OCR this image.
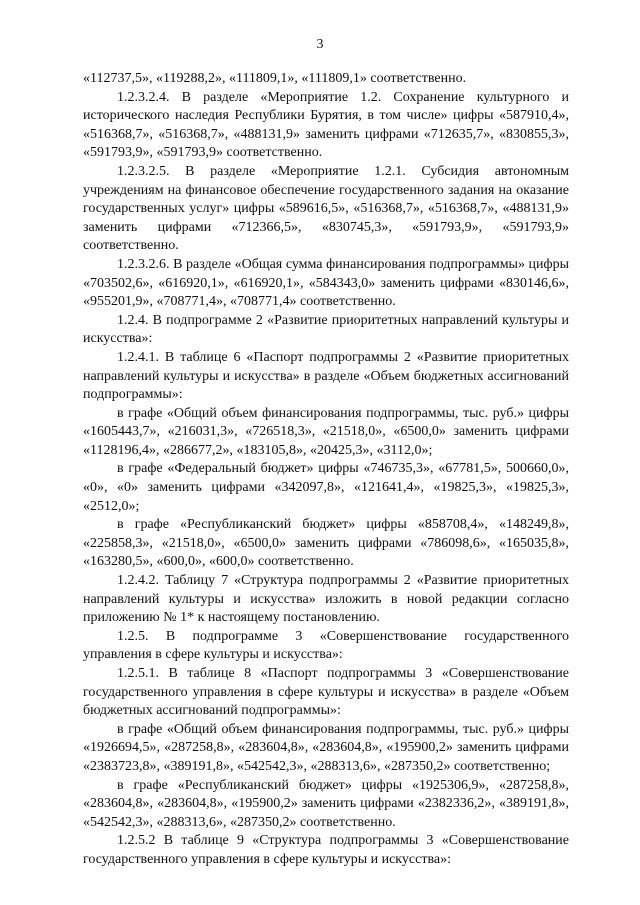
3

«112737,5», «119288,2», «111809,1», «111809,1» соответственно.

1.2.3.2.4. В разделе «Мероприятие 1.2. Сохранение культурного и исторического наследия Республики Бурятия, в том числе» цифры «587910,4», «516368,7», «516368,7», «488131,9» заменить цифрами «712635,7», «830855,3», «591793,9», «591793,9» соответственно.

1.2.3.2.5. В разделе «Мероприятие 1.2.1. Субсидия автономным учреждениям на финансовое обеспечение государственного задания на оказание государственных услуг» цифры «589616,5», «516368,7», «516368,7», «488131,9» заменить цифрами «712366,5», «830745,3», «591793,9», «591793,9» соответственно.

1.2.3.2.6. В разделе «Общая сумма финансирования подпрограммы» цифры «703502,6», «616920,1», «616920,1», «584343,0» заменить цифрами «830146,6», «955201,9», «708771,4», «708771,4» соответственно.

1.2.4. В подпрограмме 2 «Развитие приоритетных направлений культуры и искусства»:

1.2.4.1. В таблице 6 «Паспорт подпрограммы 2 «Развитие приоритетных направлений культуры и искусства» в разделе «Объем бюджетных ассигнований подпрограммы»:

в графе «Общий объем финансирования подпрограммы, тыс. руб.» цифры «1605443,7», «216031,3», «726518,3», «21518,0», «6500,0» заменить цифрами «1128196,4», «286677,2», «183105,8», «20425,3», «3112,0»;

в графе «Федеральный бюджет» цифры «746735,3», «67781,5», 500660,0», «0», «0» заменить цифрами «342097,8», «121641,4», «19825,3», «19825,3», «2512,0»;

в графе «Республиканский бюджет» цифры «858708,4», «148249,8», «225858,3», «21518,0», «6500,0» заменить цифрами «786098,6», «165035,8», «163280,5», «600,0», «600,0» соответственно.

1.2.4.2. Таблицу 7 «Структура подпрограммы 2 «Развитие приоритетных направлений культуры и искусства» изложить в новой редакции согласно приложению № 1* к настоящему постановлению.

1.2.5. В подпрограмме 3 «Совершенствование государственного управления в сфере культуры и искусства»:

1.2.5.1. В таблице 8 «Паспорт подпрограммы 3 «Совершенствование государственного управления в сфере культуры и искусства» в разделе «Объем бюджетных ассигнований подпрограммы»:

в графе «Общий объем финансирования подпрограммы, тыс. руб.» цифры «1926694,5», «287258,8», «283604,8», «283604,8», «195900,2» заменить цифрами «2383723,8», «389191,8», «542542,3», «288313,6», «287350,2» соответственно;

в графе «Республиканский бюджет» цифры «1925306,9», «287258,8», «283604,8», «283604,8», «195900,2» заменить цифрами «2382336,2», «389191,8», «542542,3», «288313,6», «287350,2» соответственно.

1.2.5.2 В таблице 9 «Структура подпрограммы 3 «Совершенствование государственного управления в сфере культуры и искусства»:
